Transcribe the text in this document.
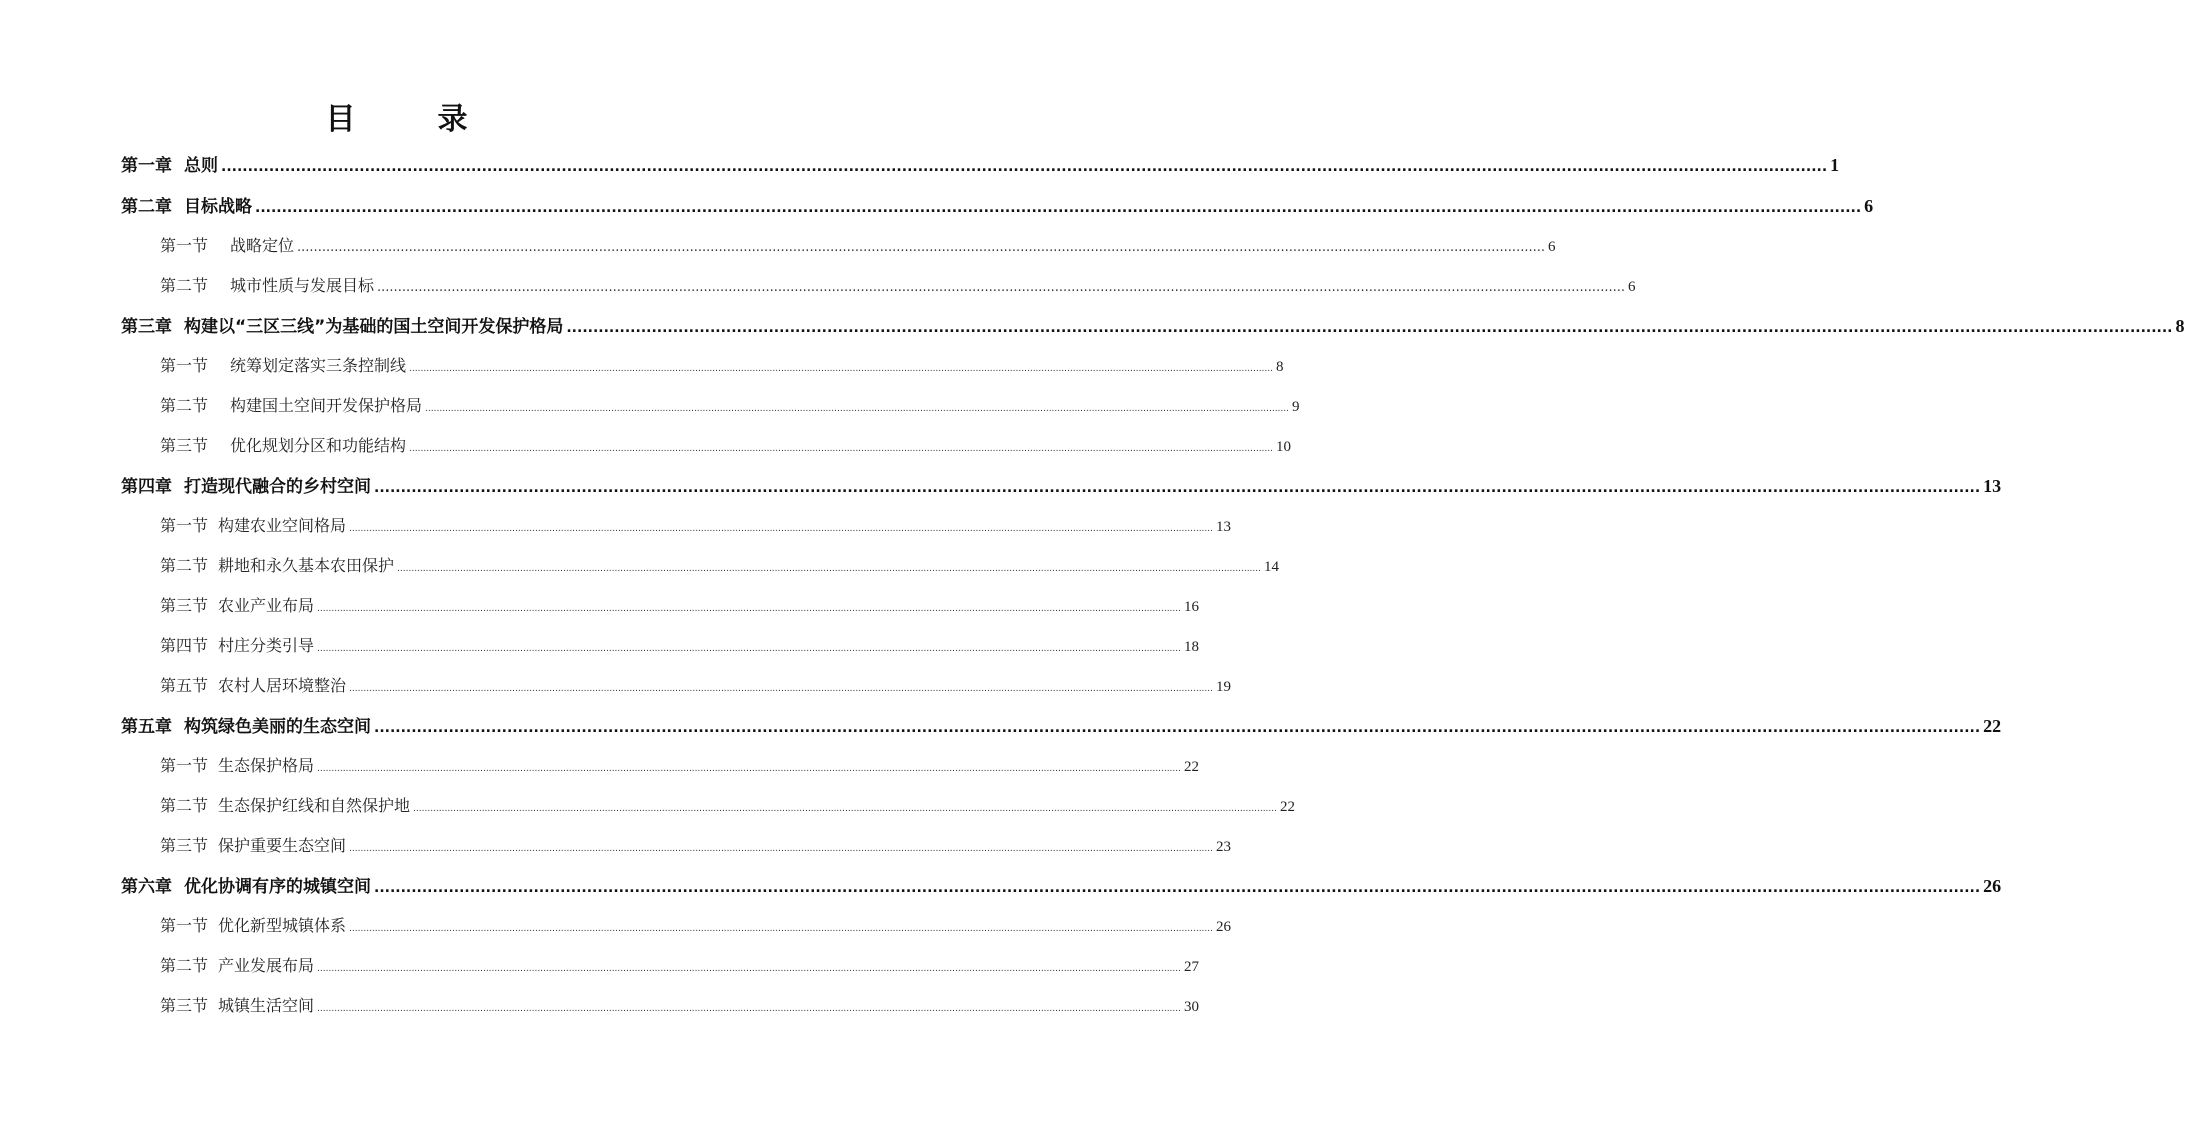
目　录
第一章 总则 .............................................................................................................................................................................................................................................................................................................. 1
第二章 目标战略 .............................................................................................................................................................................................................................................................................................................. 6
第一节 战略定位 .............................................................................................................................................................................................................................................................................................................. 6
第二节 城市性质与发展目标 .............................................................................................................................................................................................................................................................................................................. 6
第三章 构建以“三区三线”为基础的国土空间开发保护格局 .............................................................................................................................................................................................................................................................................................................. 8
第一节 统筹划定落实三条控制线 .............................................................................................................................................................................................................................................................................................................. 8
第二节 构建国土空间开发保护格局 .............................................................................................................................................................................................................................................................................................................. 9
第三节 优化规划分区和功能结构 .............................................................................................................................................................................................................................................................................................................. 10
第四章 打造现代融合的乡村空间 .............................................................................................................................................................................................................................................................................................................. 13
第一节 构建农业空间格局 .............................................................................................................................................................................................................................................................................................................. 13
第二节 耕地和永久基本农田保护 .............................................................................................................................................................................................................................................................................................................. 14
第三节 农业产业布局 .............................................................................................................................................................................................................................................................................................................. 16
第四节 村庄分类引导 .............................................................................................................................................................................................................................................................................................................. 18
第五节 农村人居环境整治 .............................................................................................................................................................................................................................................................................................................. 19
第五章 构筑绿色美丽的生态空间 .............................................................................................................................................................................................................................................................................................................. 22
第一节 生态保护格局 .............................................................................................................................................................................................................................................................................................................. 22
第二节 生态保护红线和自然保护地 .............................................................................................................................................................................................................................................................................................................. 22
第三节 保护重要生态空间 .............................................................................................................................................................................................................................................................................................................. 23
第六章 优化协调有序的城镇空间 .............................................................................................................................................................................................................................................................................................................. 26
第一节 优化新型城镇体系 .............................................................................................................................................................................................................................................................................................................. 26
第二节 产业发展布局 .............................................................................................................................................................................................................................................................................................................. 27
第三节 城镇生活空间 .............................................................................................................................................................................................................................................................................................................. 30
